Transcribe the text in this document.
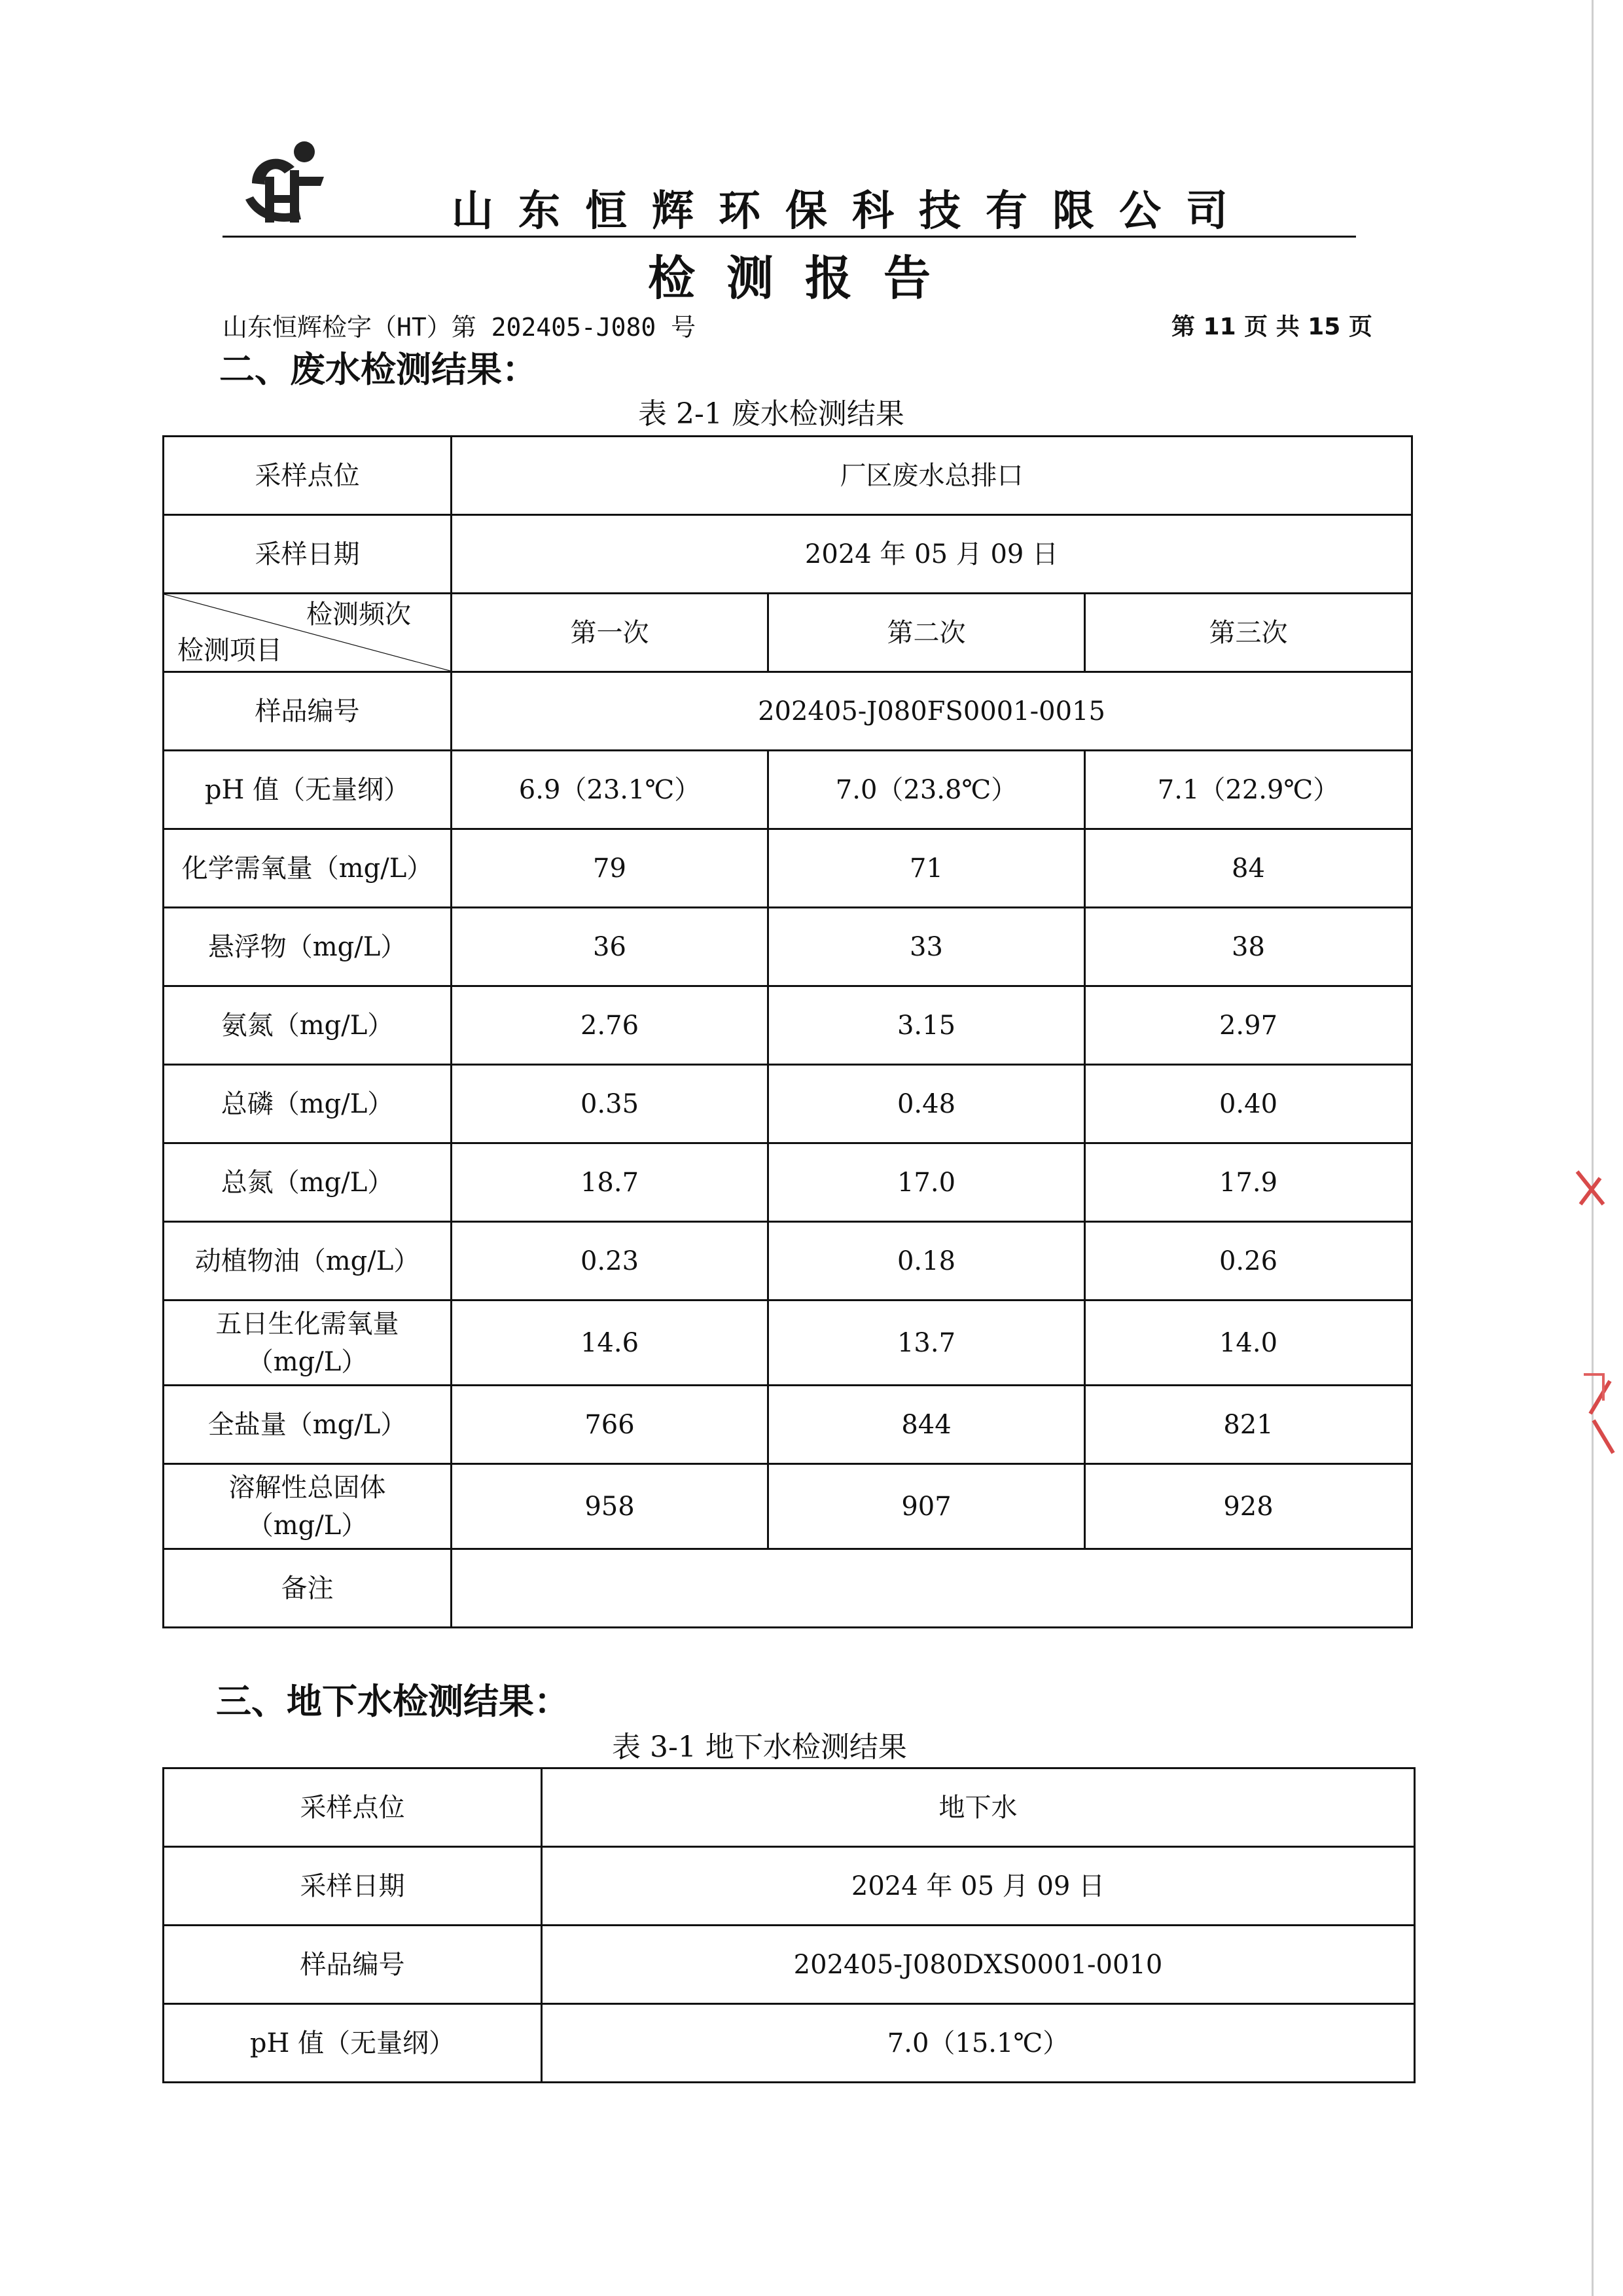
山东恒辉环保科技有限公司
检测报告
山东恒辉检字（HT）第 202405-J080 号	第 11 页 共 15 页
二、废水检测结果：
表 2-1 废水检测结果
采样点位	厂区废水总排口		
采样日期	2024 年 05 月 09 日		

检测频次
检测项目	第一次	第二次	第三次
样品编号	202405-J080FS0001-0015		
pH 值（无量纲）	6.9（23.1℃）	7.0（23.8℃）	7.1（22.9℃）
化学需氧量（mg/L）	79	71	84
悬浮物（mg/L）	36	33	38
氨氮（mg/L）	2.76	3.15	2.97
总磷（mg/L）	0.35	0.48	0.40
总氮（mg/L）	18.7	17.0	17.9
动植物油（mg/L）	0.23	0.18	0.26

五日生化需氧量
（mg/L）	14.6	13.7	14.0
全盐量（mg/L）	766	844	821

溶解性总固体
（mg/L）	958	907	928
备注			
三、地下水检测结果：
表 3-1 地下水检测结果
采样点位	地下水
采样日期	2024 年 05 月 09 日
样品编号	202405-J080DXS0001-0010
pH 值（无量纲）	7.0（15.1℃）
